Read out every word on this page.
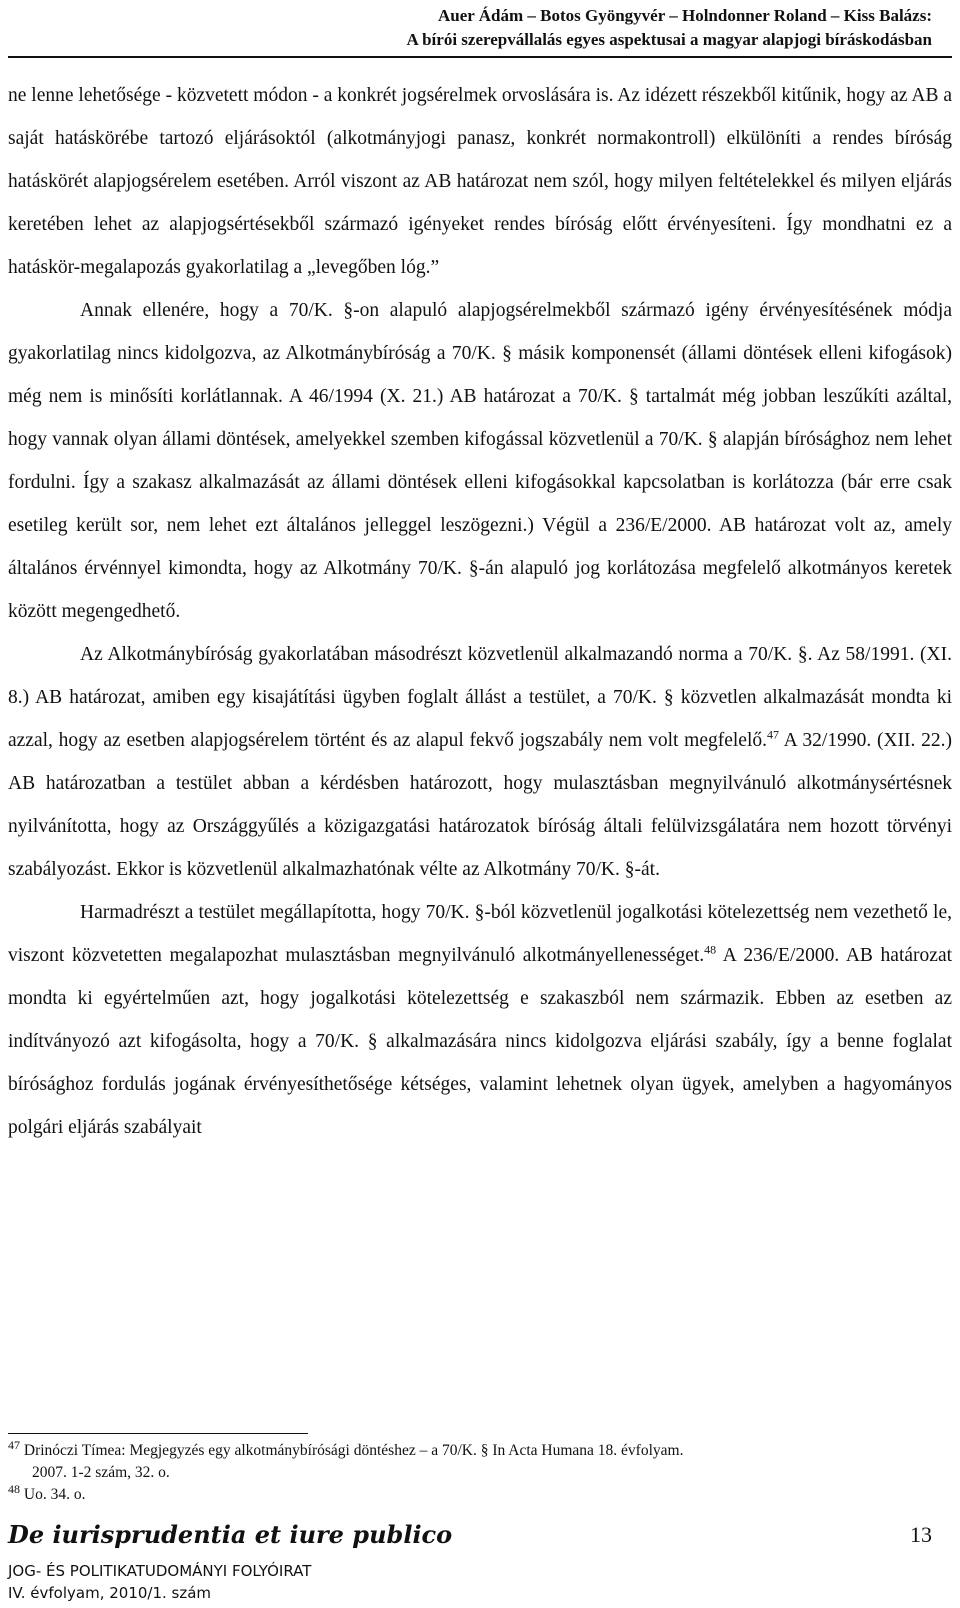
Auer Ádám – Botos Gyöngyvér – Holndonner Roland – Kiss Balázs:
A bírói szerepvállalás egyes aspektusai a magyar alapjogi bíráskodásban

ne lenne lehetősége - közvetett módon - a konkrét jogsérelmek orvoslására is. Az idézett részekből kitűnik, hogy az AB a saját hatáskörébe tartozó eljárásoktól (alkotmányjogi panasz, konkrét normakontroll) elkülöníti a rendes bíróság hatáskörét alapjogsérelem esetében. Arról viszont az AB határozat nem szól, hogy milyen feltételekkel és milyen eljárás keretében lehet az alapjogsértésekből származó igényeket rendes bíróság előtt érvényesíteni. Így mondhatni ez a hatáskör-megalapozás gyakorlatilag a „levegőben lóg.”

Annak ellenére, hogy a 70/K. §-on alapuló alapjogsérelmekből származó igény érvényesítésének módja gyakorlatilag nincs kidolgozva, az Alkotmánybíróság a 70/K. § másik komponensét (állami döntések elleni kifogások) még nem is minősíti korlátlannak. A 46/1994 (X. 21.) AB határozat a 70/K. § tartalmát még jobban leszűkíti azáltal, hogy vannak olyan állami döntések, amelyekkel szemben kifogással közvetlenül a 70/K. § alapján bírósághoz nem lehet fordulni. Így a szakasz alkalmazását az állami döntések elleni kifogásokkal kapcsolatban is korlátozza (bár erre csak esetileg került sor, nem lehet ezt általános jelleggel leszögezni.) Végül a 236/E/2000. AB határozat volt az, amely általános érvénnyel kimondta, hogy az Alkotmány 70/K. §-án alapuló jog korlátozása megfelelő alkotmányos keretek között megengedhető.

Az Alkotmánybíróság gyakorlatában másodrészt közvetlenül alkalmazandó norma a 70/K. §. Az 58/1991. (XI. 8.) AB határozat, amiben egy kisajátítási ügyben foglalt állást a testület, a 70/K. § közvetlen alkalmazását mondta ki azzal, hogy az esetben alapjogsérelem történt és az alapul fekvő jogszabály nem volt megfelelő.$^{47}$ A 32/1990. (XII. 22.) AB határozatban a testület abban a kérdésben határozott, hogy mulasztásban megnyilvánuló alkotmánysértésnek nyilvánította, hogy az Országgyűlés a közigazgatási határozatok bíróság általi felülvizsgálatára nem hozott törvényi szabályozást. Ekkor is közvetlenül alkalmazhatónak vélte az Alkotmány 70/K. §-át.

Harmadrészt a testület megállapította, hogy 70/K. §-ból közvetlenül jogalkotási kötelezettség nem vezethető le, viszont közvetetten megalapozhat mulasztásban megnyilvánuló alkotmányellenességet.$^{48}$ A 236/E/2000. AB határozat mondta ki egyértelműen azt, hogy jogalkotási kötelezettség e szakaszból nem származik. Ebben az esetben az indítványozó azt kifogásolta, hogy a 70/K. § alkalmazására nincs kidolgozva eljárási szabály, így a benne foglalat bírósághoz fordulás jogának érvényesíthetősége kétséges, valamint lehetnek olyan ügyek, amelyben a hagyományos polgári eljárás szabályait

$^{47}$ Drinóczi Tímea: Megjegyzés egy alkotmánybírósági döntéshez – a 70/K. § In Acta Humana 18. évfolyam.
2007. 1-2 szám, 32. o.
$^{48}$ Uo. 34. o.
De iurisprudentia et iure publico	13
JOG- ÉS POLITIKATUDOMÁNYI FOLYÓIRAT
IV. évfolyam, 2010/1. szám
